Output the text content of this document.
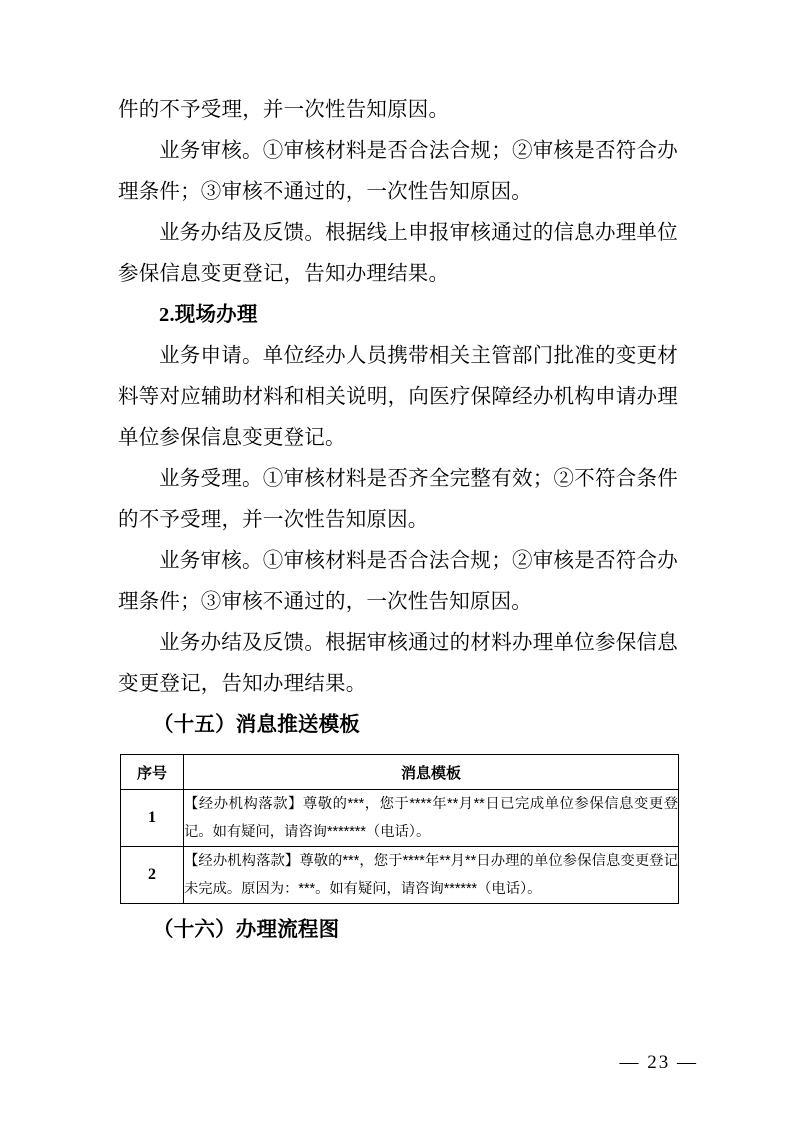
件的不予受理，并一次性告知原因。

业务审核。①审核材料是否合法合规；②审核是否符合办理条件；③审核不通过的，一次性告知原因。

业务办结及反馈。根据线上申报审核通过的信息办理单位参保信息变更登记，告知办理结果。

2.现场办理

业务申请。单位经办人员携带相关主管部门批准的变更材料等对应辅助材料和相关说明，向医疗保障经办机构申请办理单位参保信息变更登记。

业务受理。①审核材料是否齐全完整有效；②不符合条件的不予受理，并一次性告知原因。

业务审核。①审核材料是否合法合规；②审核是否符合办理条件；③审核不通过的，一次性告知原因。

业务办结及反馈。根据审核通过的材料办理单位参保信息变更登记，告知办理结果。

（十五）消息推送模板
序号	消息模板
1	【经办机构落款】尊敬的***，您于****年**月**日已完成单位参保信息变更登记。如有疑问，请咨询*******（电话）。
2	【经办机构落款】尊敬的***，您于****年**月**日办理的单位参保信息变更登记未完成。原因为：***。如有疑问，请咨询******（电话）。
（十六）办理流程图
— 23 —
